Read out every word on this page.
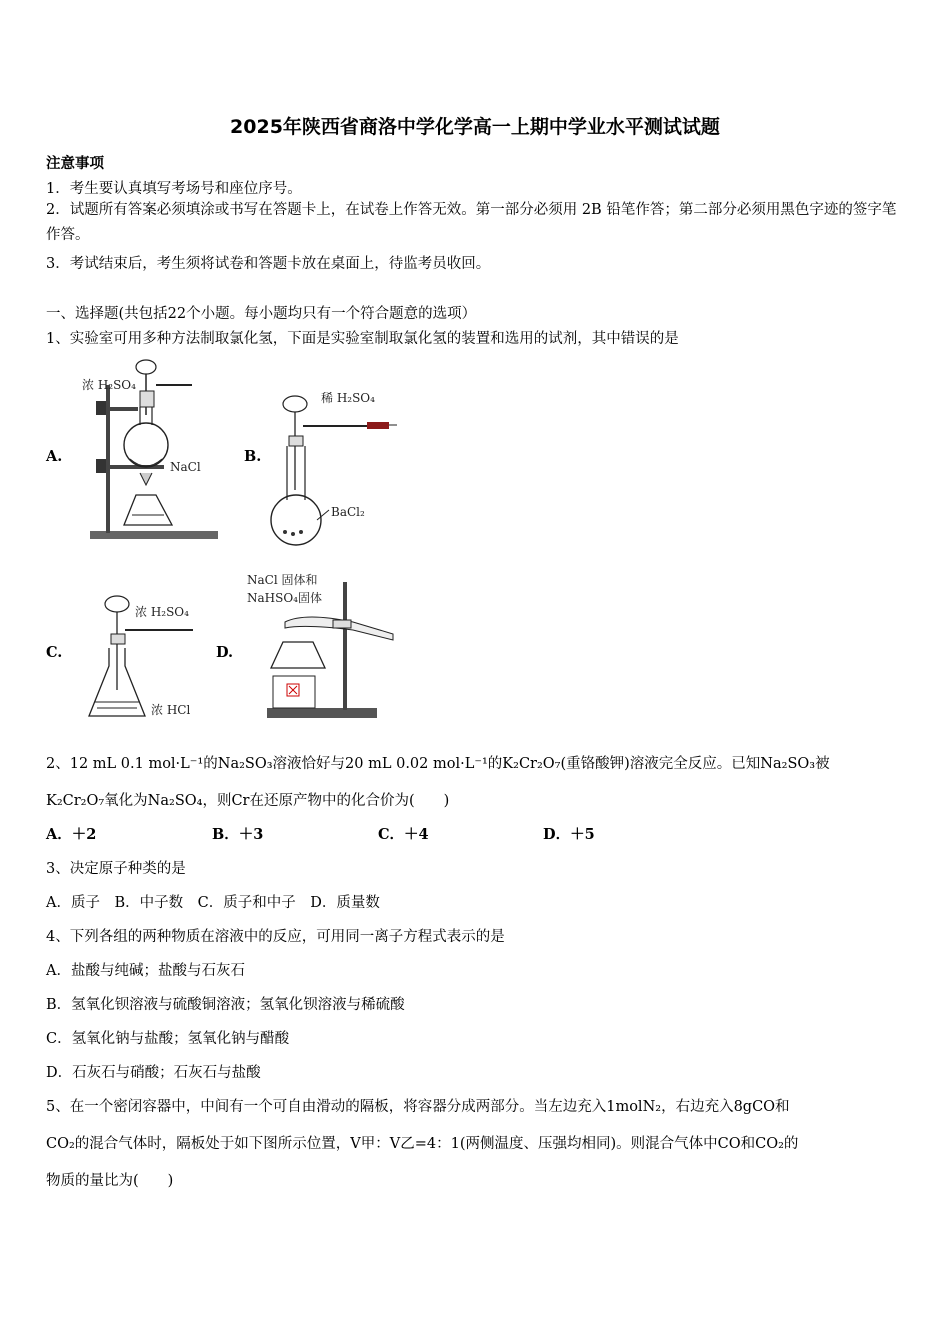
2025年陕西省商洛中学化学高一上期中学业水平测试试题
注意事项
1．考生要认真填写考场号和座位序号。
2．试题所有答案必须填涂或书写在答题卡上，在试卷上作答无效。第一部分必须用 2B 铅笔作答；第二部分必须用黑色字迹的签字笔作答。
3．考试结束后，考生须将试卷和答题卡放在桌面上，待监考员收回。
一、选择题(共包括22个小题。每小题均只有一个符合题意的选项）
1、实验室可用多种方法制取氯化氢，下面是实验室制取氯化氢的装置和选用的试剂，其中错误的是
A.	B.
C.	D.
浓 H₂SO₄
NaCl
稀 H₂SO₄
BaCl₂
浓 H₂SO₄
浓 HCl
NaCl 固体和
NaHSO₄固体
2、12 mL 0.1 mol·L⁻¹的Na₂SO₃溶液恰好与20 mL 0.02 mol·L⁻¹的K₂Cr₂O₇(重铬酸钾)溶液完全反应。已知Na₂SO₃被
K₂Cr₂O₇氧化为Na₂SO₄，则Cr在还原产物中的化合价为(　　)
A．＋2	B．＋3	C．＋4	D．＋5
3、决定原子种类的是
A．质子　B．中子数　C．质子和中子　D．质量数
4、下列各组的两种物质在溶液中的反应，可用同一离子方程式表示的是
A．盐酸与纯碱；盐酸与石灰石
B．氢氧化钡溶液与硫酸铜溶液；氢氧化钡溶液与稀硫酸
C．氢氧化钠与盐酸；氢氧化钠与醋酸
D．石灰石与硝酸；石灰石与盐酸
5、在一个密闭容器中，中间有一个可自由滑动的隔板，将容器分成两部分。当左边充入1molN₂，右边充入8gCO和
CO₂的混合气体时，隔板处于如下图所示位置，V甲：V乙=4：1(两侧温度、压强均相同)。则混合气体中CO和CO₂的
物质的量比为(　　)
